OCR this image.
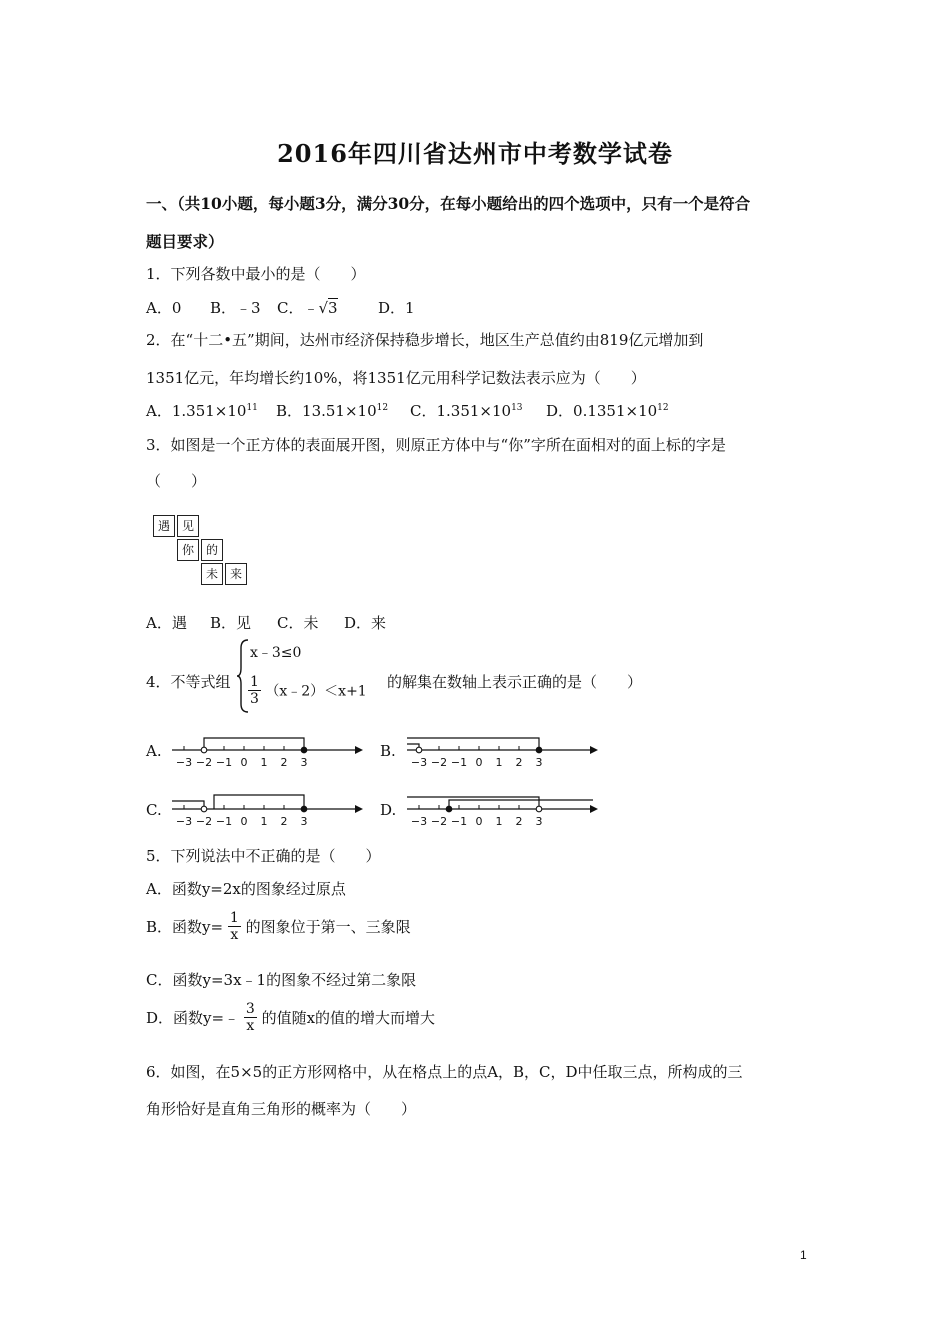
2016年四川省达州市中考数学试卷
一、（共10小题，每小题3分，满分30分，在每小题给出的四个选项中，只有一个是符合
题目要求）
1．下列各数中最小的是（　　）
A．0 B．﹣3 C．﹣√3	D．1
2．在“十二•五”期间，达州市经济保持稳步增长，地区生产总值约由819亿元增加到
1351亿元，年均增长约10%，将1351亿元用科学记数法表示应为（　　）
A．$1.351\times 10^{11}$ B．$13.51\times 10^{12}$ C．$1.351\times 10^{13}$ D．$0.1351\times 10^{12}$
3．如图是一个正方体的表面展开图，则原正方体中与“你”字所在面相对的面上标的字是
（　　）
遇 见
你 的
未 来
A．遇 B．见 C．未 D．来
4．不等式组
x﹣3≤0
$\frac{1}{3}$ （x﹣2）＜x+1
的解集在数轴上表示正确的是（　　）
A.	B.
C.	D.
−3 −2 −1 0 1 2 3	−3 −2 −1 0 1 2 3
−3 −2 −1 0 1 2 3	−3 −2 −1 0 1 2 3
5．下列说法中不正确的是（　　）
A．函数y=2x的图象经过原点
B．函数$y= \frac{1}{x}$ 的图象位于第一、三象限
C．函数y=3x﹣1的图象不经过第二象限
D．函数y=﹣ $\frac{3}{x}$ 的值随x的值的增大而增大
6．如图，在5×5的正方形网格中，从在格点上的点A，B，C，D中任取三点，所构成的三
角形恰好是直角三角形的概率为（　　）
1
